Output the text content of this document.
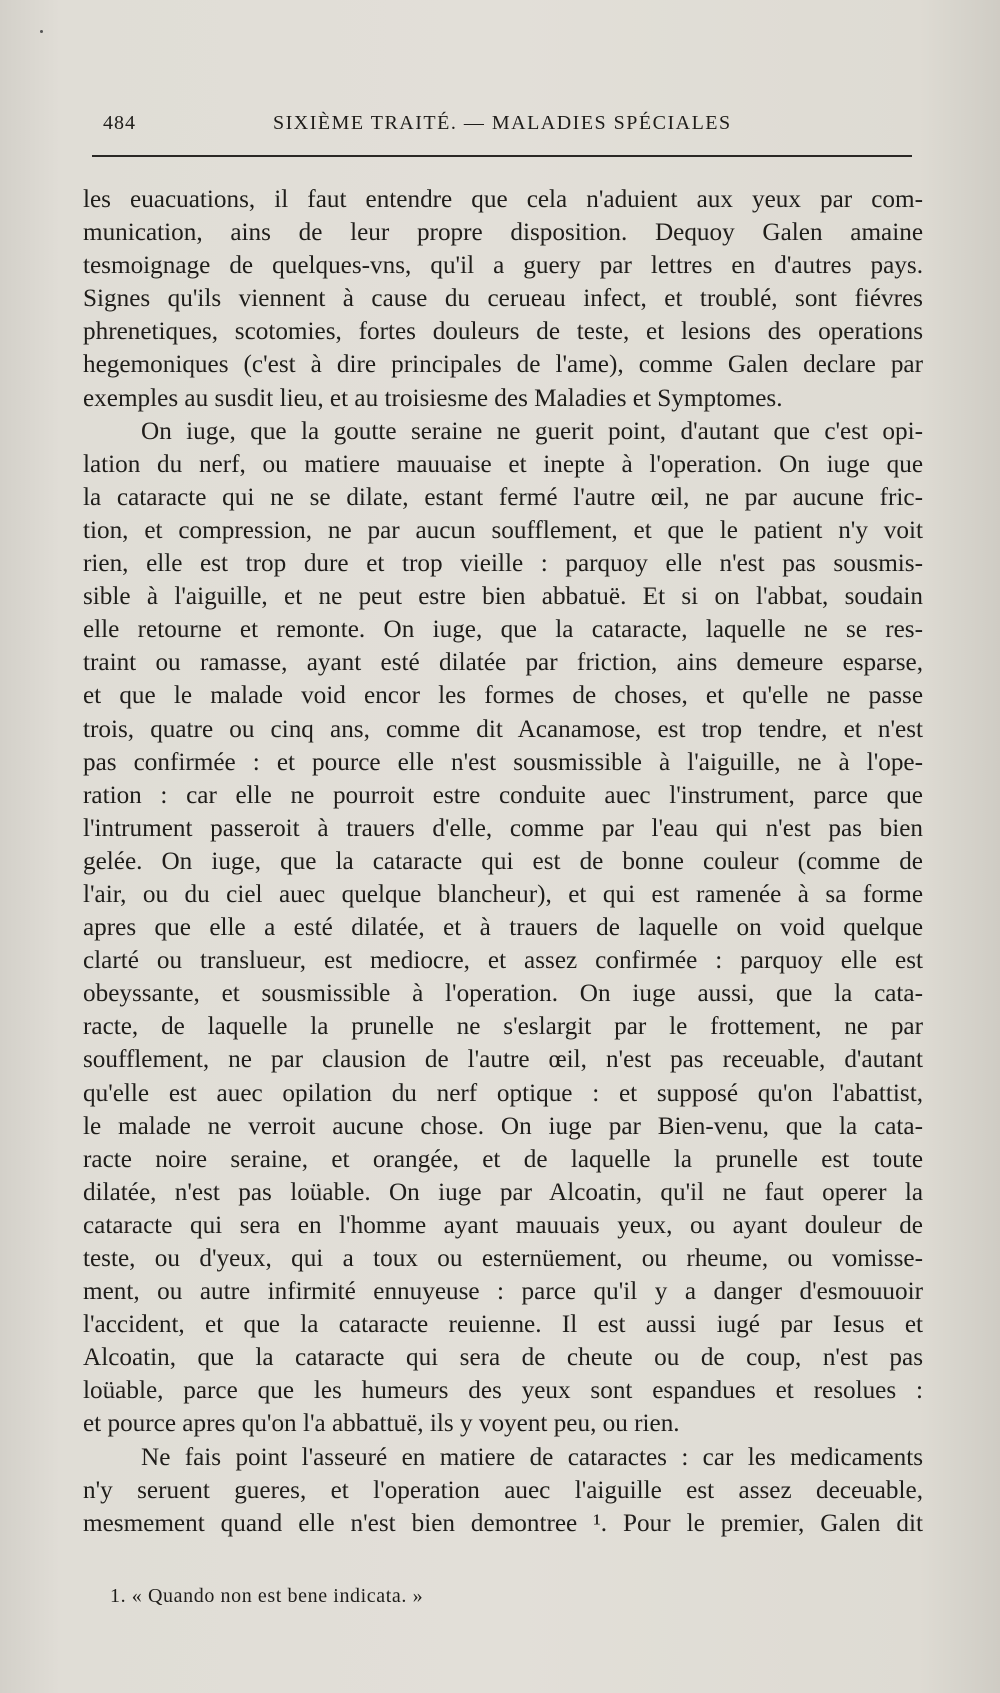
484	SIXIÈME TRAITÉ. — MALADIES SPÉCIALES
les euacuations, il faut entendre que cela n'aduient aux yeux par com-
munication, ains de leur propre disposition. Dequoy Galen amaine
tesmoignage de quelques-vns, qu'il a guery par lettres en d'autres pays.
Signes qu'ils viennent à cause du cerueau infect, et troublé, sont fiévres
phrenetiques, scotomies, fortes douleurs de teste, et lesions des operations
hegemoniques (c'est à dire principales de l'ame), comme Galen declare par
exemples au susdit lieu, et au troisiesme des Maladies et Symptomes.
On iuge, que la goutte seraine ne guerit point, d'autant que c'est opi-
lation du nerf, ou matiere mauuaise et inepte à l'operation. On iuge que
la cataracte qui ne se dilate, estant fermé l'autre œil, ne par aucune fric-
tion, et compression, ne par aucun soufflement, et que le patient n'y voit
rien, elle est trop dure et trop vieille : parquoy elle n'est pas sousmis-
sible à l'aiguille, et ne peut estre bien abbatuë. Et si on l'abbat, soudain
elle retourne et remonte. On iuge, que la cataracte, laquelle ne se res-
traint ou ramasse, ayant esté dilatée par friction, ains demeure esparse,
et que le malade void encor les formes de choses, et qu'elle ne passe
trois, quatre ou cinq ans, comme dit Acanamose, est trop tendre, et n'est
pas confirmée : et pource elle n'est sousmissible à l'aiguille, ne à l'ope-
ration : car elle ne pourroit estre conduite auec l'instrument, parce que
l'intrument passeroit à trauers d'elle, comme par l'eau qui n'est pas bien
gelée. On iuge, que la cataracte qui est de bonne couleur (comme de
l'air, ou du ciel auec quelque blancheur), et qui est ramenée à sa forme
apres que elle a esté dilatée, et à trauers de laquelle on void quelque
clarté ou translueur, est mediocre, et assez confirmée : parquoy elle est
obeyssante, et sousmissible à l'operation. On iuge aussi, que la cata-
racte, de laquelle la prunelle ne s'eslargit par le frottement, ne par
soufflement, ne par clausion de l'autre œil, n'est pas receuable, d'autant
qu'elle est auec opilation du nerf optique : et supposé qu'on l'abattist,
le malade ne verroit aucune chose. On iuge par Bien-venu, que la cata-
racte noire seraine, et orangée, et de laquelle la prunelle est toute
dilatée, n'est pas loüable. On iuge par Alcoatin, qu'il ne faut operer la
cataracte qui sera en l'homme ayant mauuais yeux, ou ayant douleur de
teste, ou d'yeux, qui a toux ou esternüement, ou rheume, ou vomisse-
ment, ou autre infirmité ennuyeuse : parce qu'il y a danger d'esmouuoir
l'accident, et que la cataracte reuienne. Il est aussi iugé par Iesus et
Alcoatin, que la cataracte qui sera de cheute ou de coup, n'est pas
loüable, parce que les humeurs des yeux sont espandues et resolues :
et pource apres qu'on l'a abbattuë, ils y voyent peu, ou rien.
Ne fais point l'asseuré en matiere de cataractes : car les medicaments
n'y seruent gueres, et l'operation auec l'aiguille est assez deceuable,
mesmement quand elle n'est bien demontree ¹. Pour le premier, Galen dit
1. « Quando non est bene indicata. »
